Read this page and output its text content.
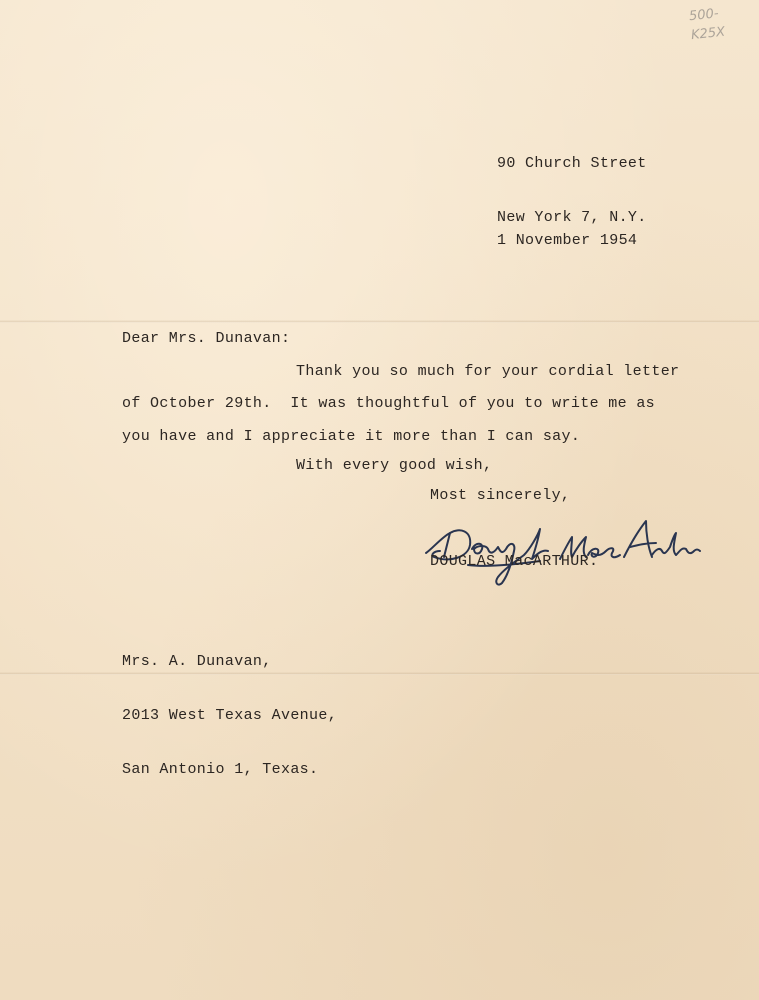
500-
K25X

90 Church Street

New York 7, N.Y.

1 November 1954
Dear Mrs. Dunavan:
Thank you so much for your cordial letter
of October 29th.  It was thoughtful of you to write me as
you have and I appreciate it more than I can say.
With every good wish,
Most sincerely,
DOUGLAS MacARTHUR.

Mrs. A. Dunavan,

2013 West Texas Avenue,

San Antonio 1, Texas.
